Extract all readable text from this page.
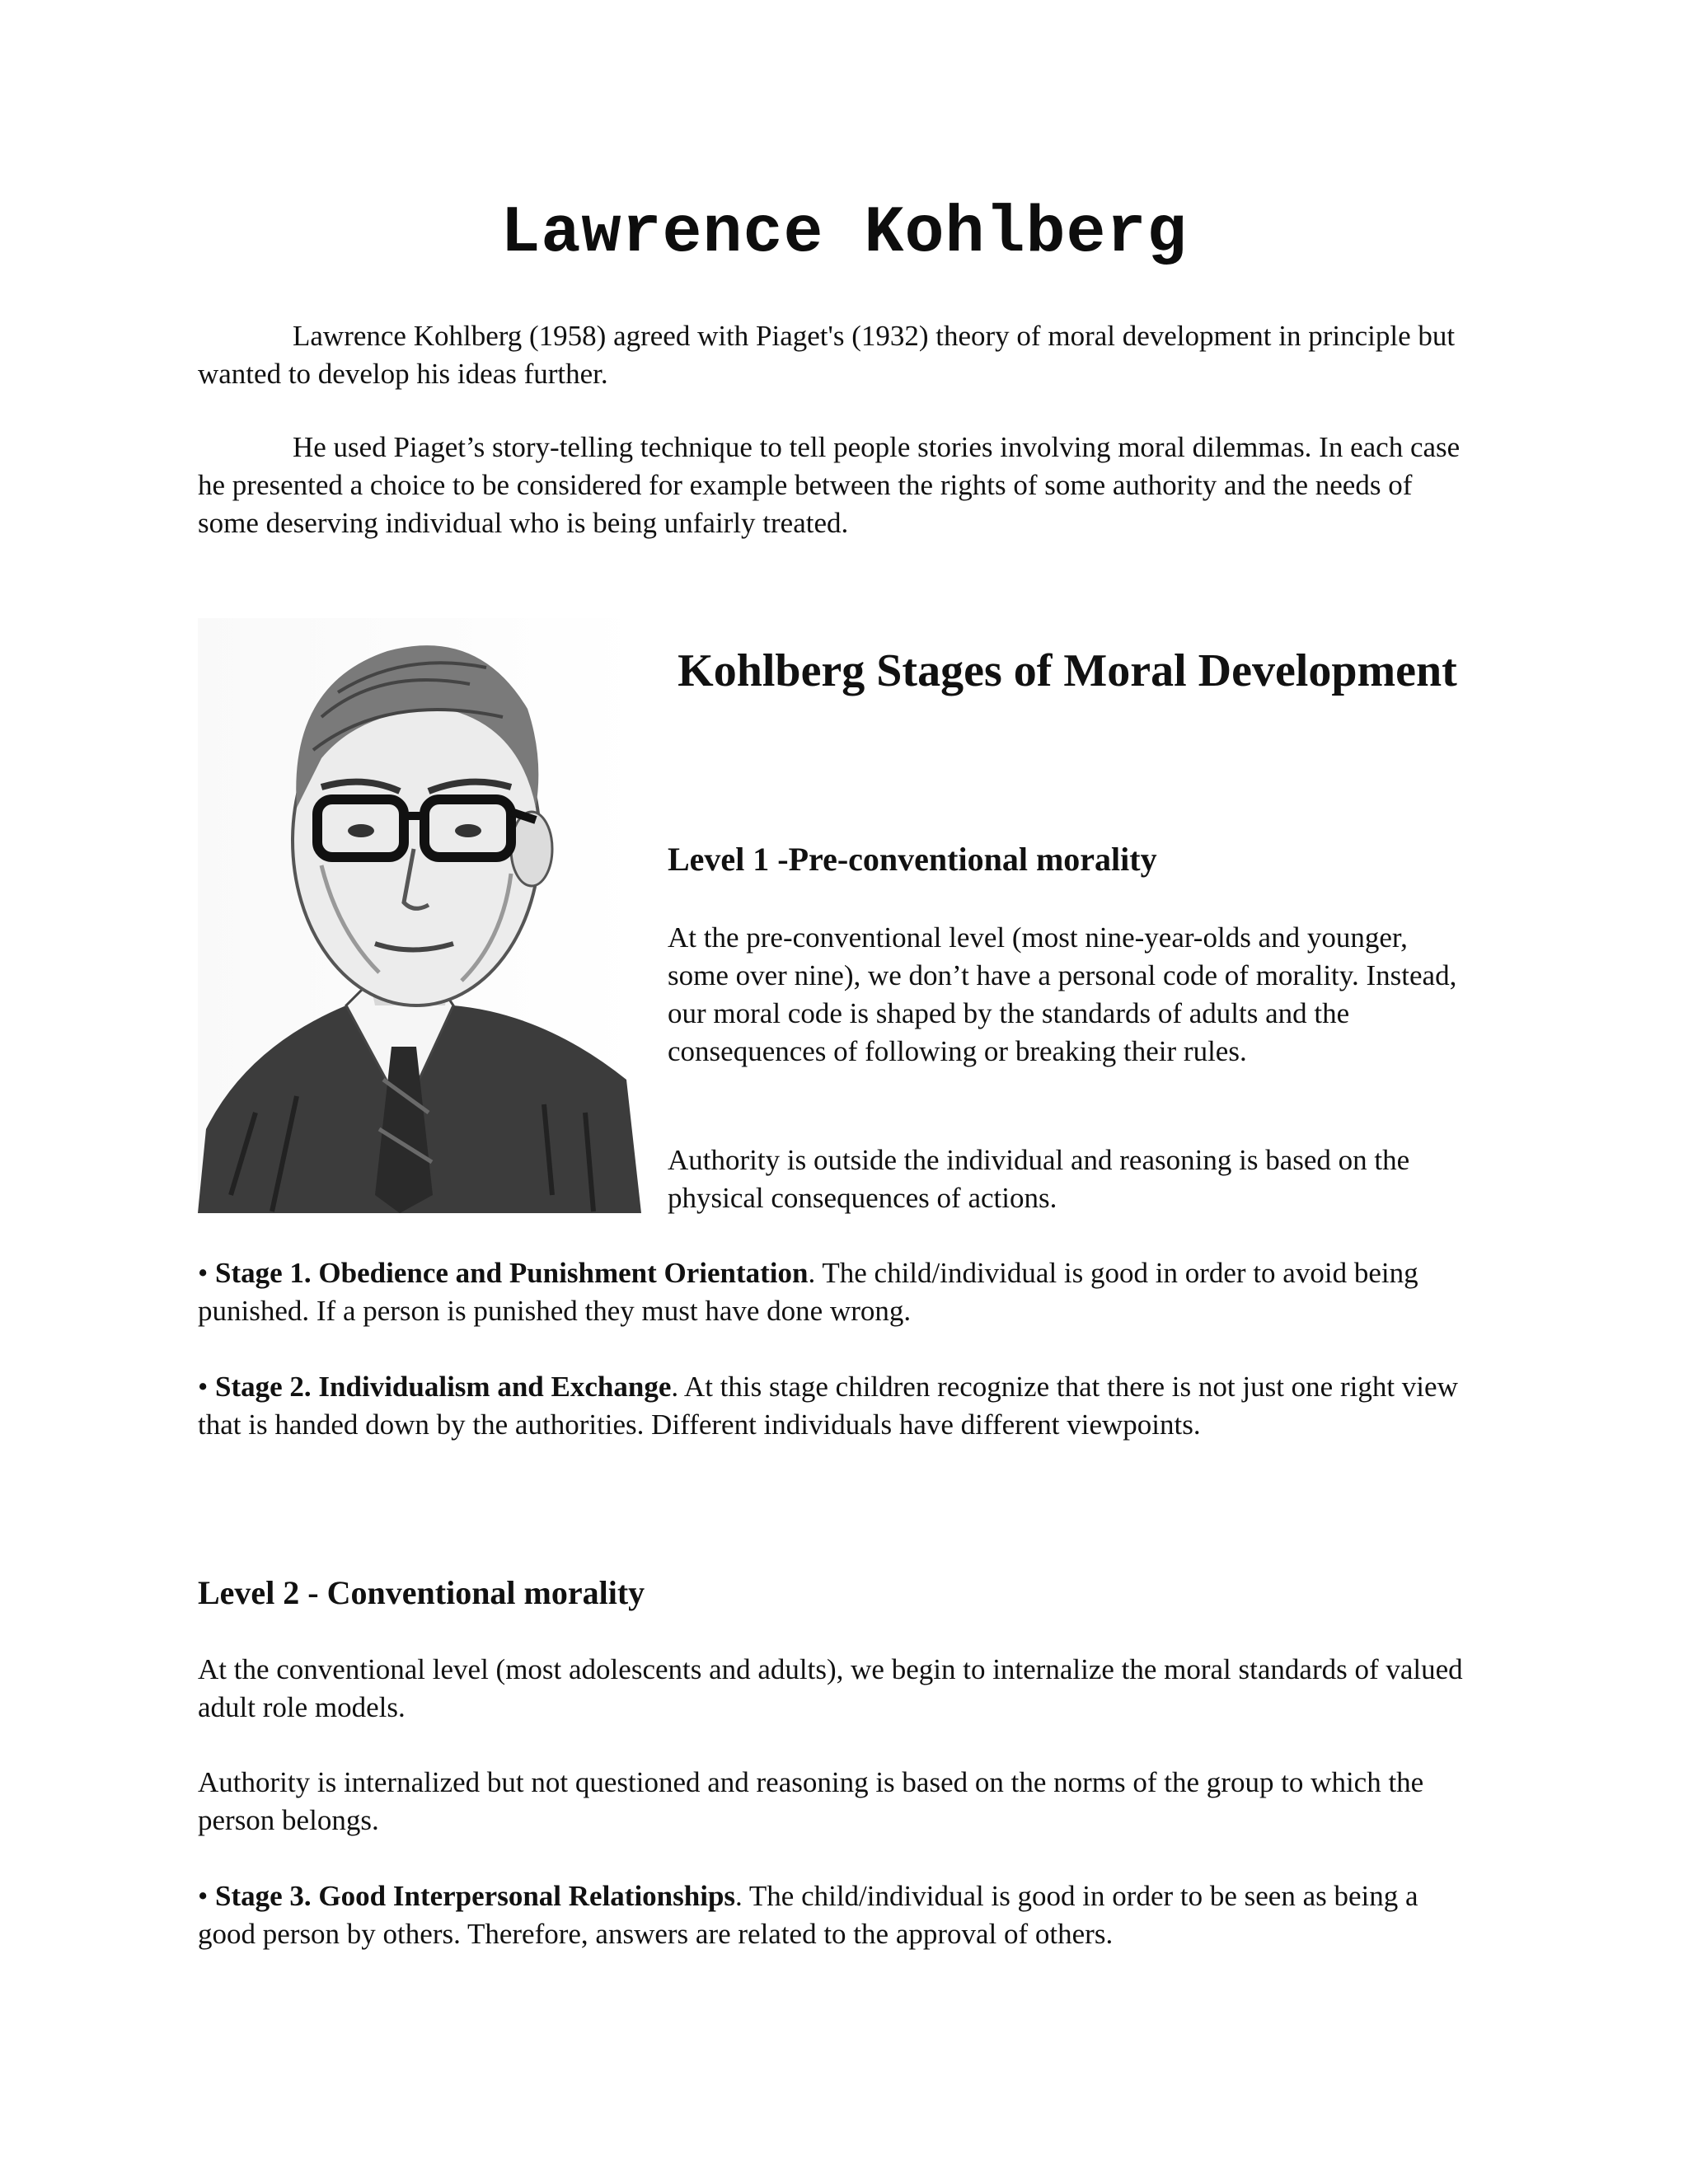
Lawrence Kohlberg

Lawrence Kohlberg (1958) agreed with Piaget's (1932) theory of moral development in principle but wanted to develop his ideas further.

He used Piaget’s story-telling technique to tell people stories involving moral dilemmas. In each case he presented a choice to be considered for example between the rights of some authority and the needs of some deserving individual who is being unfairly treated.

Kohlberg Stages of Moral Development
Level 1 -Pre-conventional morality

At the pre-conventional level (most nine-year-olds and younger, some over nine), we don’t have a personal code of morality. Instead, our moral code is shaped by the standards of adults and the consequences of following or breaking their rules.

Authority is outside the individual and reasoning is based on the physical consequences of actions.

• Stage 1. Obedience and Punishment Orientation. The child/individual is good in order to avoid being punished. If a person is punished they must have done wrong.

• Stage 2. Individualism and Exchange. At this stage children recognize that there is not just one right view that is handed down by the authorities. Different individuals have different viewpoints.

Level 2 - Conventional morality

At the conventional level (most adolescents and adults), we begin to internalize the moral standards of valued adult role models.

Authority is internalized but not questioned and reasoning is based on the norms of the group to which the person belongs.

• Stage 3. Good Interpersonal Relationships. The child/individual is good in order to be seen as being a good person by others. Therefore, answers are related to the approval of others.
